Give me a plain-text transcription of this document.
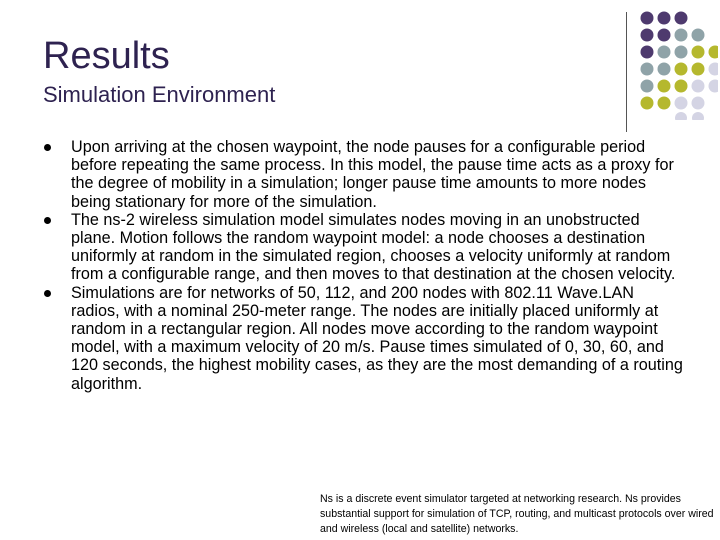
Results
Simulation Environment
Upon arriving at the chosen waypoint, the node pauses for a configurable period before repeating the same process. In this model, the pause time acts as a proxy for the degree of mobility in a simulation; longer pause time amounts to more nodes being stationary for more of the simulation.
The ns-2 wireless simulation model simulates nodes moving in an unobstructed plane. Motion follows the random waypoint model: a node chooses a destination uniformly at random in the simulated region, chooses a velocity uniformly at random from a configurable range, and then moves to that destination at the chosen velocity.
Simulations are for networks of 50, 112, and 200 nodes with 802.11 Wave.LAN radios, with a nominal 250-meter range. The nodes are initially placed uniformly at random in a rectangular region. All nodes move according to the random waypoint model, with a maximum velocity of 20 m/s. Pause times simulated of 0, 30, 60, and 120 seconds, the highest mobility cases, as they are the most demanding of a routing algorithm.

Ns is a discrete event simulator targeted at networking research. Ns provides substantial support for simulation of TCP, routing, and multicast protocols over wired and wireless (local and satellite) networks.
